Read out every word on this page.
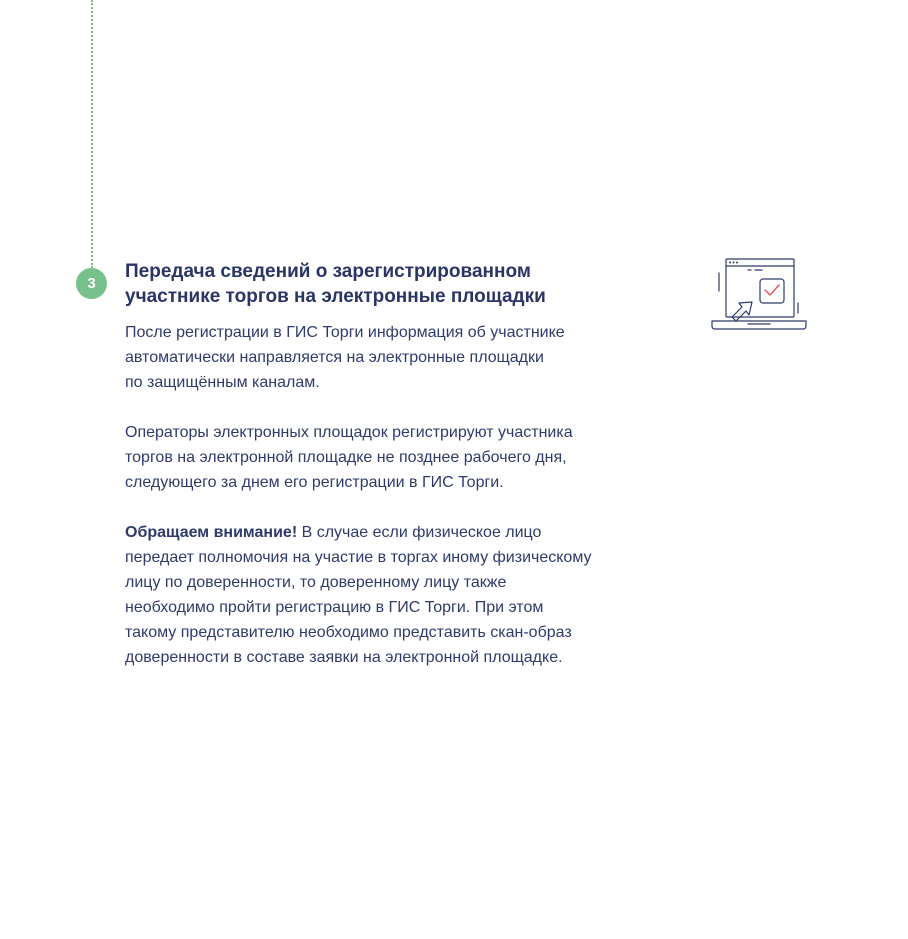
3
Передача сведений о зарегистрированном
участнике торгов на электронные площадки

После регистрации в ГИС Торги информация об участнике
автоматически направляется на электронные площадки
по защищённым каналам.

Операторы электронных площадок регистрируют участника
торгов на электронной площадке не позднее рабочего дня,
следующего за днем его регистрации в ГИС Торги.

Обращаем внимание! В случае если физическое лицо
передает полномочия на участие в торгах иному физическому
лицу по доверенности, то доверенному лицу также
необходимо пройти регистрацию в ГИС Торги. При этом
такому представителю необходимо представить скан-образ
доверенности в составе заявки на электронной площадке.
